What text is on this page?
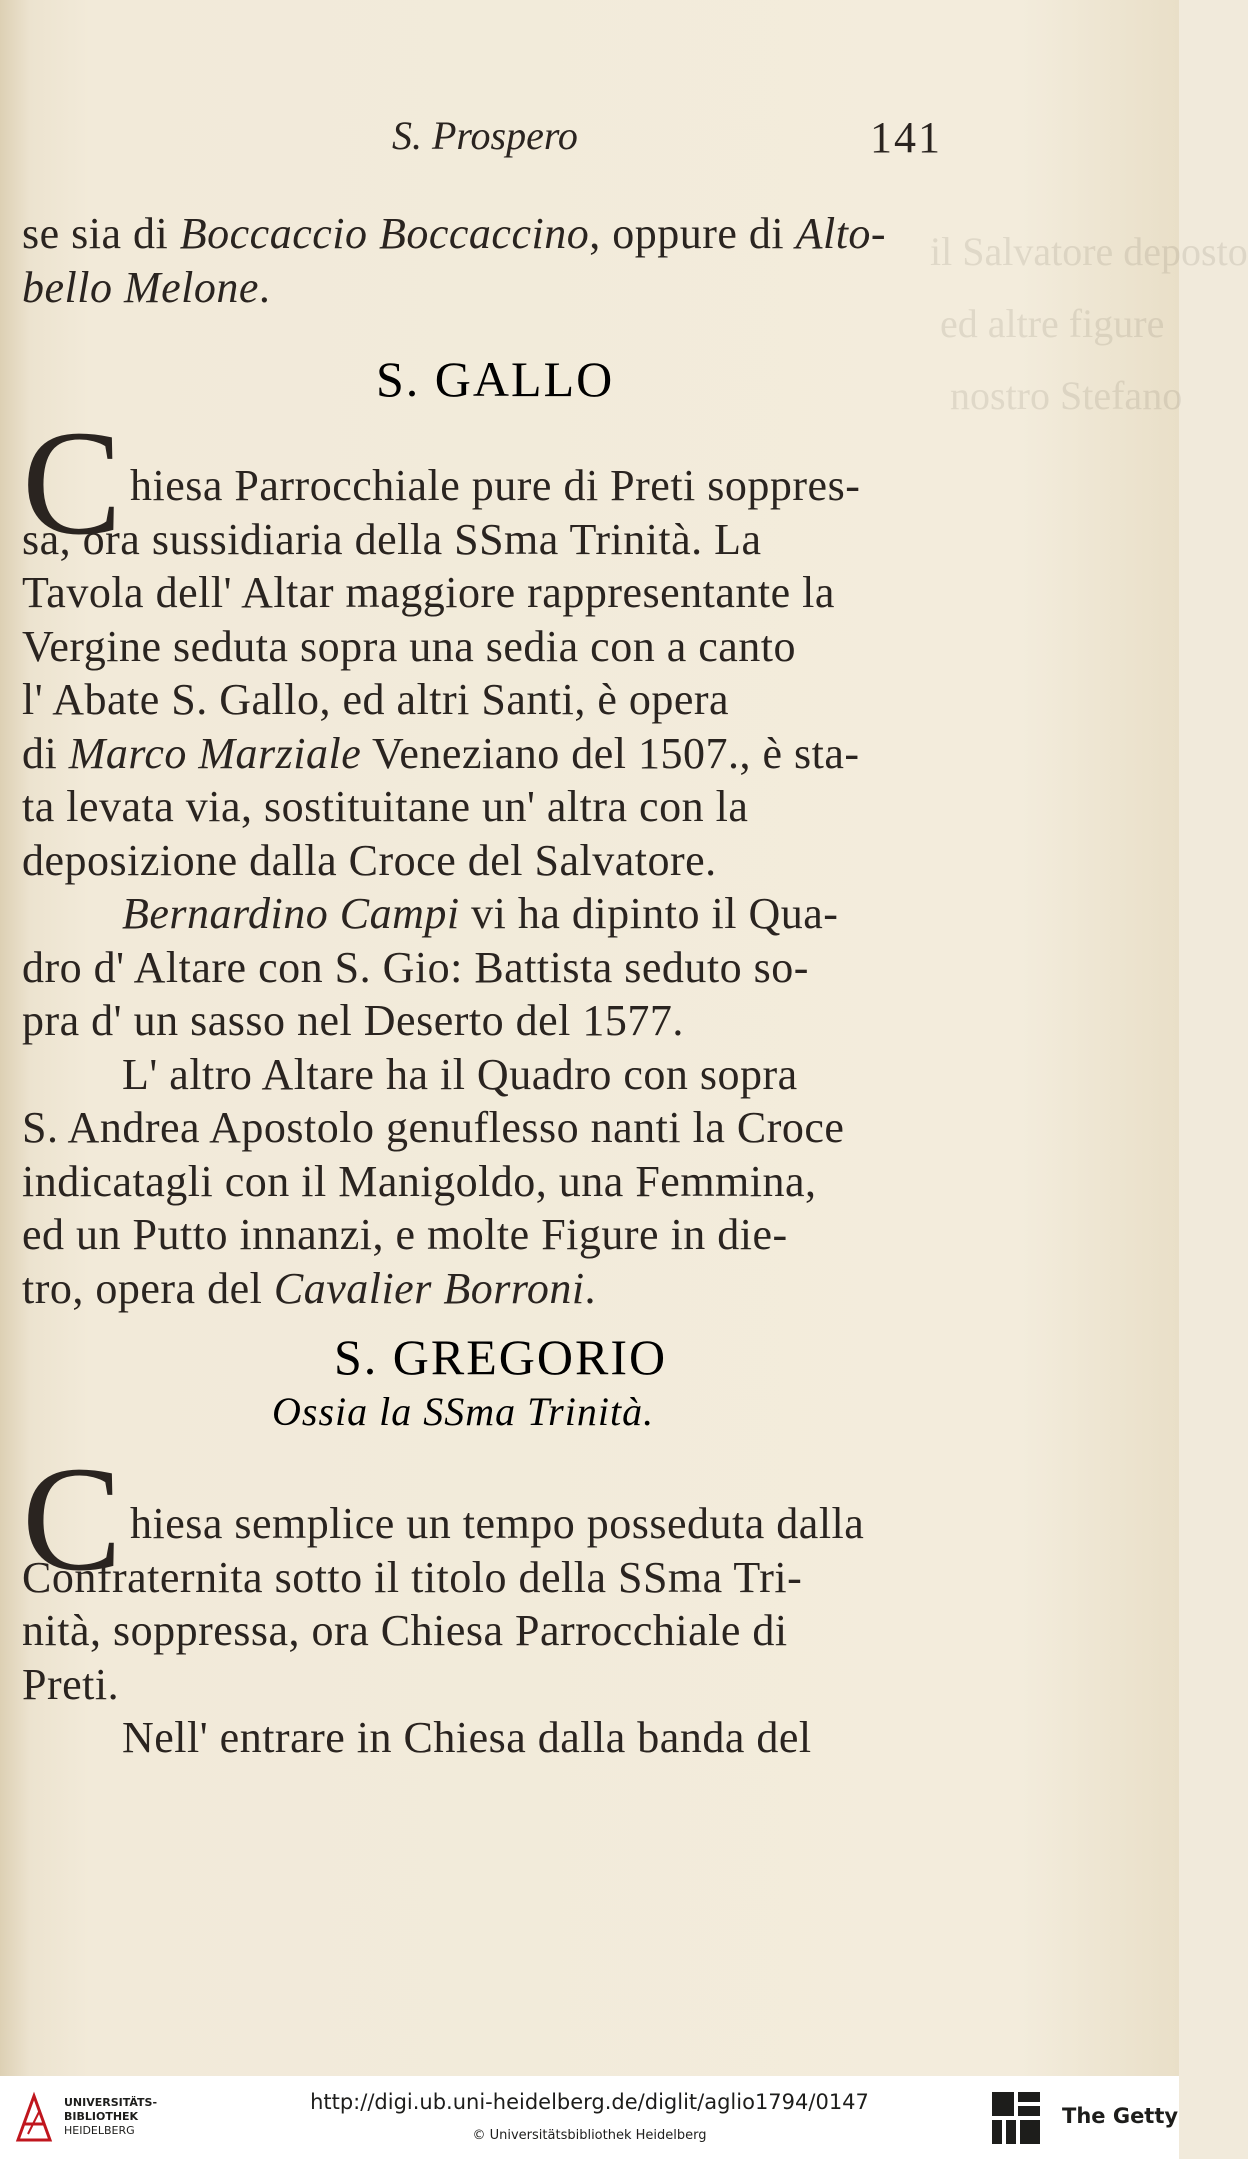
il Salvatore deposto
ed altre figure
nostro Stefano
S. Prospero	141
se sia di Boccaccio Boccaccino, oppure di Alto-
bello Melone.
S. GALLO
C hiesa Parrocchiale pure di Preti soppres-
sa, ora sussidiaria della SSma Trinità. La
Tavola dell' Altar maggiore rappresentante la
Vergine seduta sopra una sedia con a canto
l' Abate S. Gallo, ed altri Santi, è opera
di Marco Marziale Veneziano del 1507., è sta-
ta levata via, sostituitane un' altra con la
deposizione dalla Croce del Salvatore.
Bernardino Campi vi ha dipinto il Qua-
dro d' Altare con S. Gio: Battista seduto so-
pra d' un sasso nel Deserto del 1577.
L' altro Altare ha il Quadro con sopra
S. Andrea Apostolo genuflesso nanti la Croce
indicatagli con il Manigoldo, una Femmina,
ed un Putto innanzi, e molte Figure in die-
tro, opera del Cavalier Borroni.
S. GREGORIO
Ossia la SSma Trinità.
C hiesa semplice un tempo posseduta dalla
Confraternita sotto il titolo della SSma Tri-
nità, soppressa, ora Chiesa Parrocchiale di
Preti.
Nell' entrare in Chiesa dalla banda del
UNIVERSITÄTS-
BIBLIOTHEK
HEIDELBERG
http://digi.ub.uni-heidelberg.de/diglit/aglio1794/0147
© Universitätsbibliothek Heidelberg
The Getty
